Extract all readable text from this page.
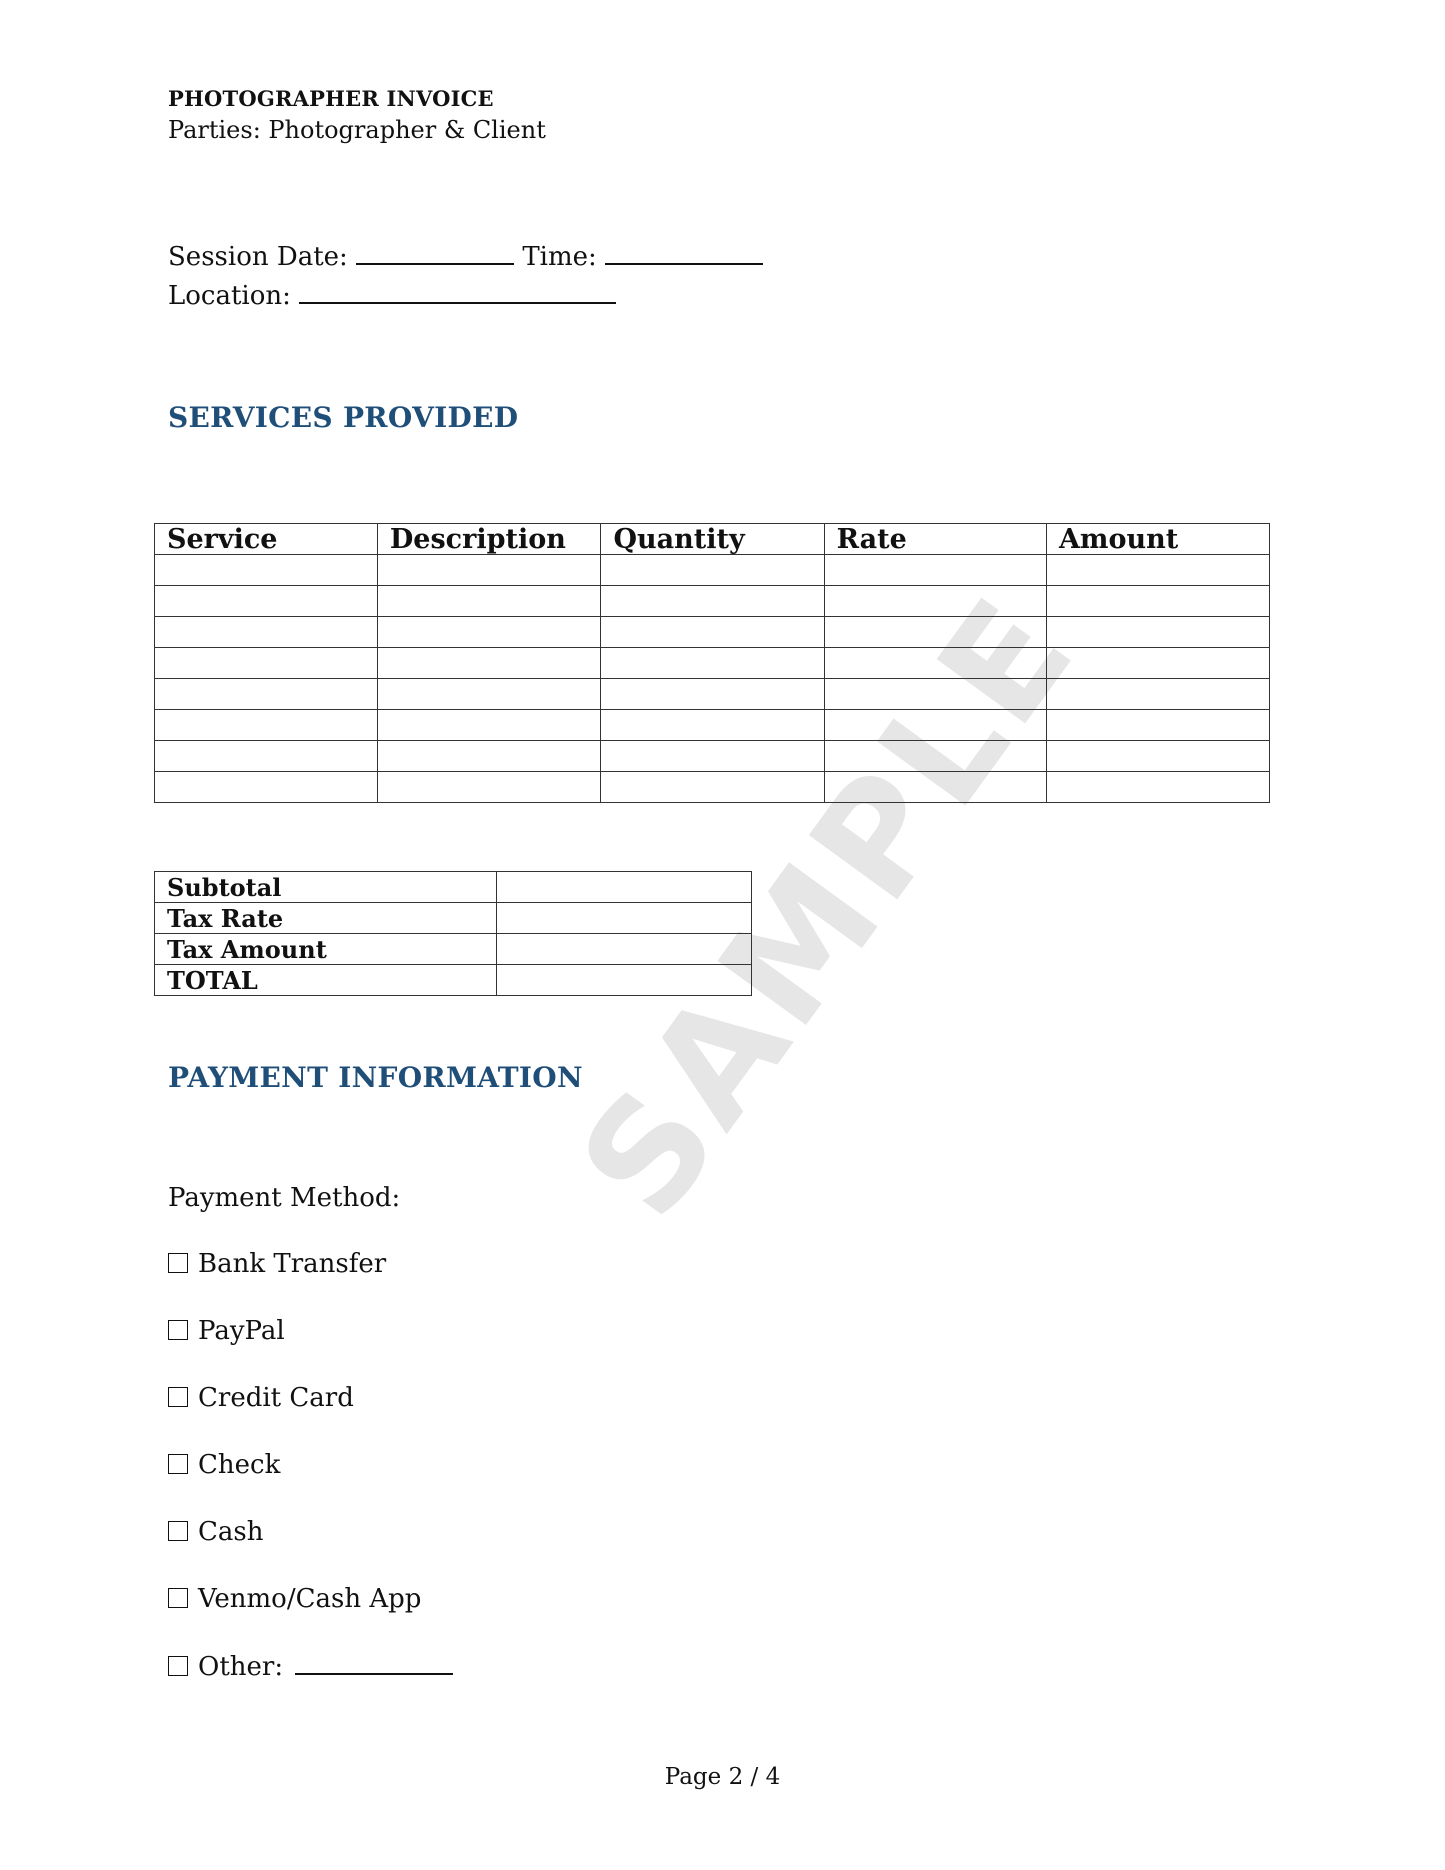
SAMPLE
PHOTOGRAPHER INVOICE
Parties: Photographer & Client
Session Date:	Time:
Location:
SERVICES PROVIDED
Service	Description	Quantity	Rate	Amount

Subtotal	
Tax Rate	
Tax Amount	
TOTAL	
PAYMENT INFORMATION
Payment Method:
Bank Transfer
PayPal
Credit Card
Check
Cash
Venmo/Cash App
Other:
Page 2 / 4
